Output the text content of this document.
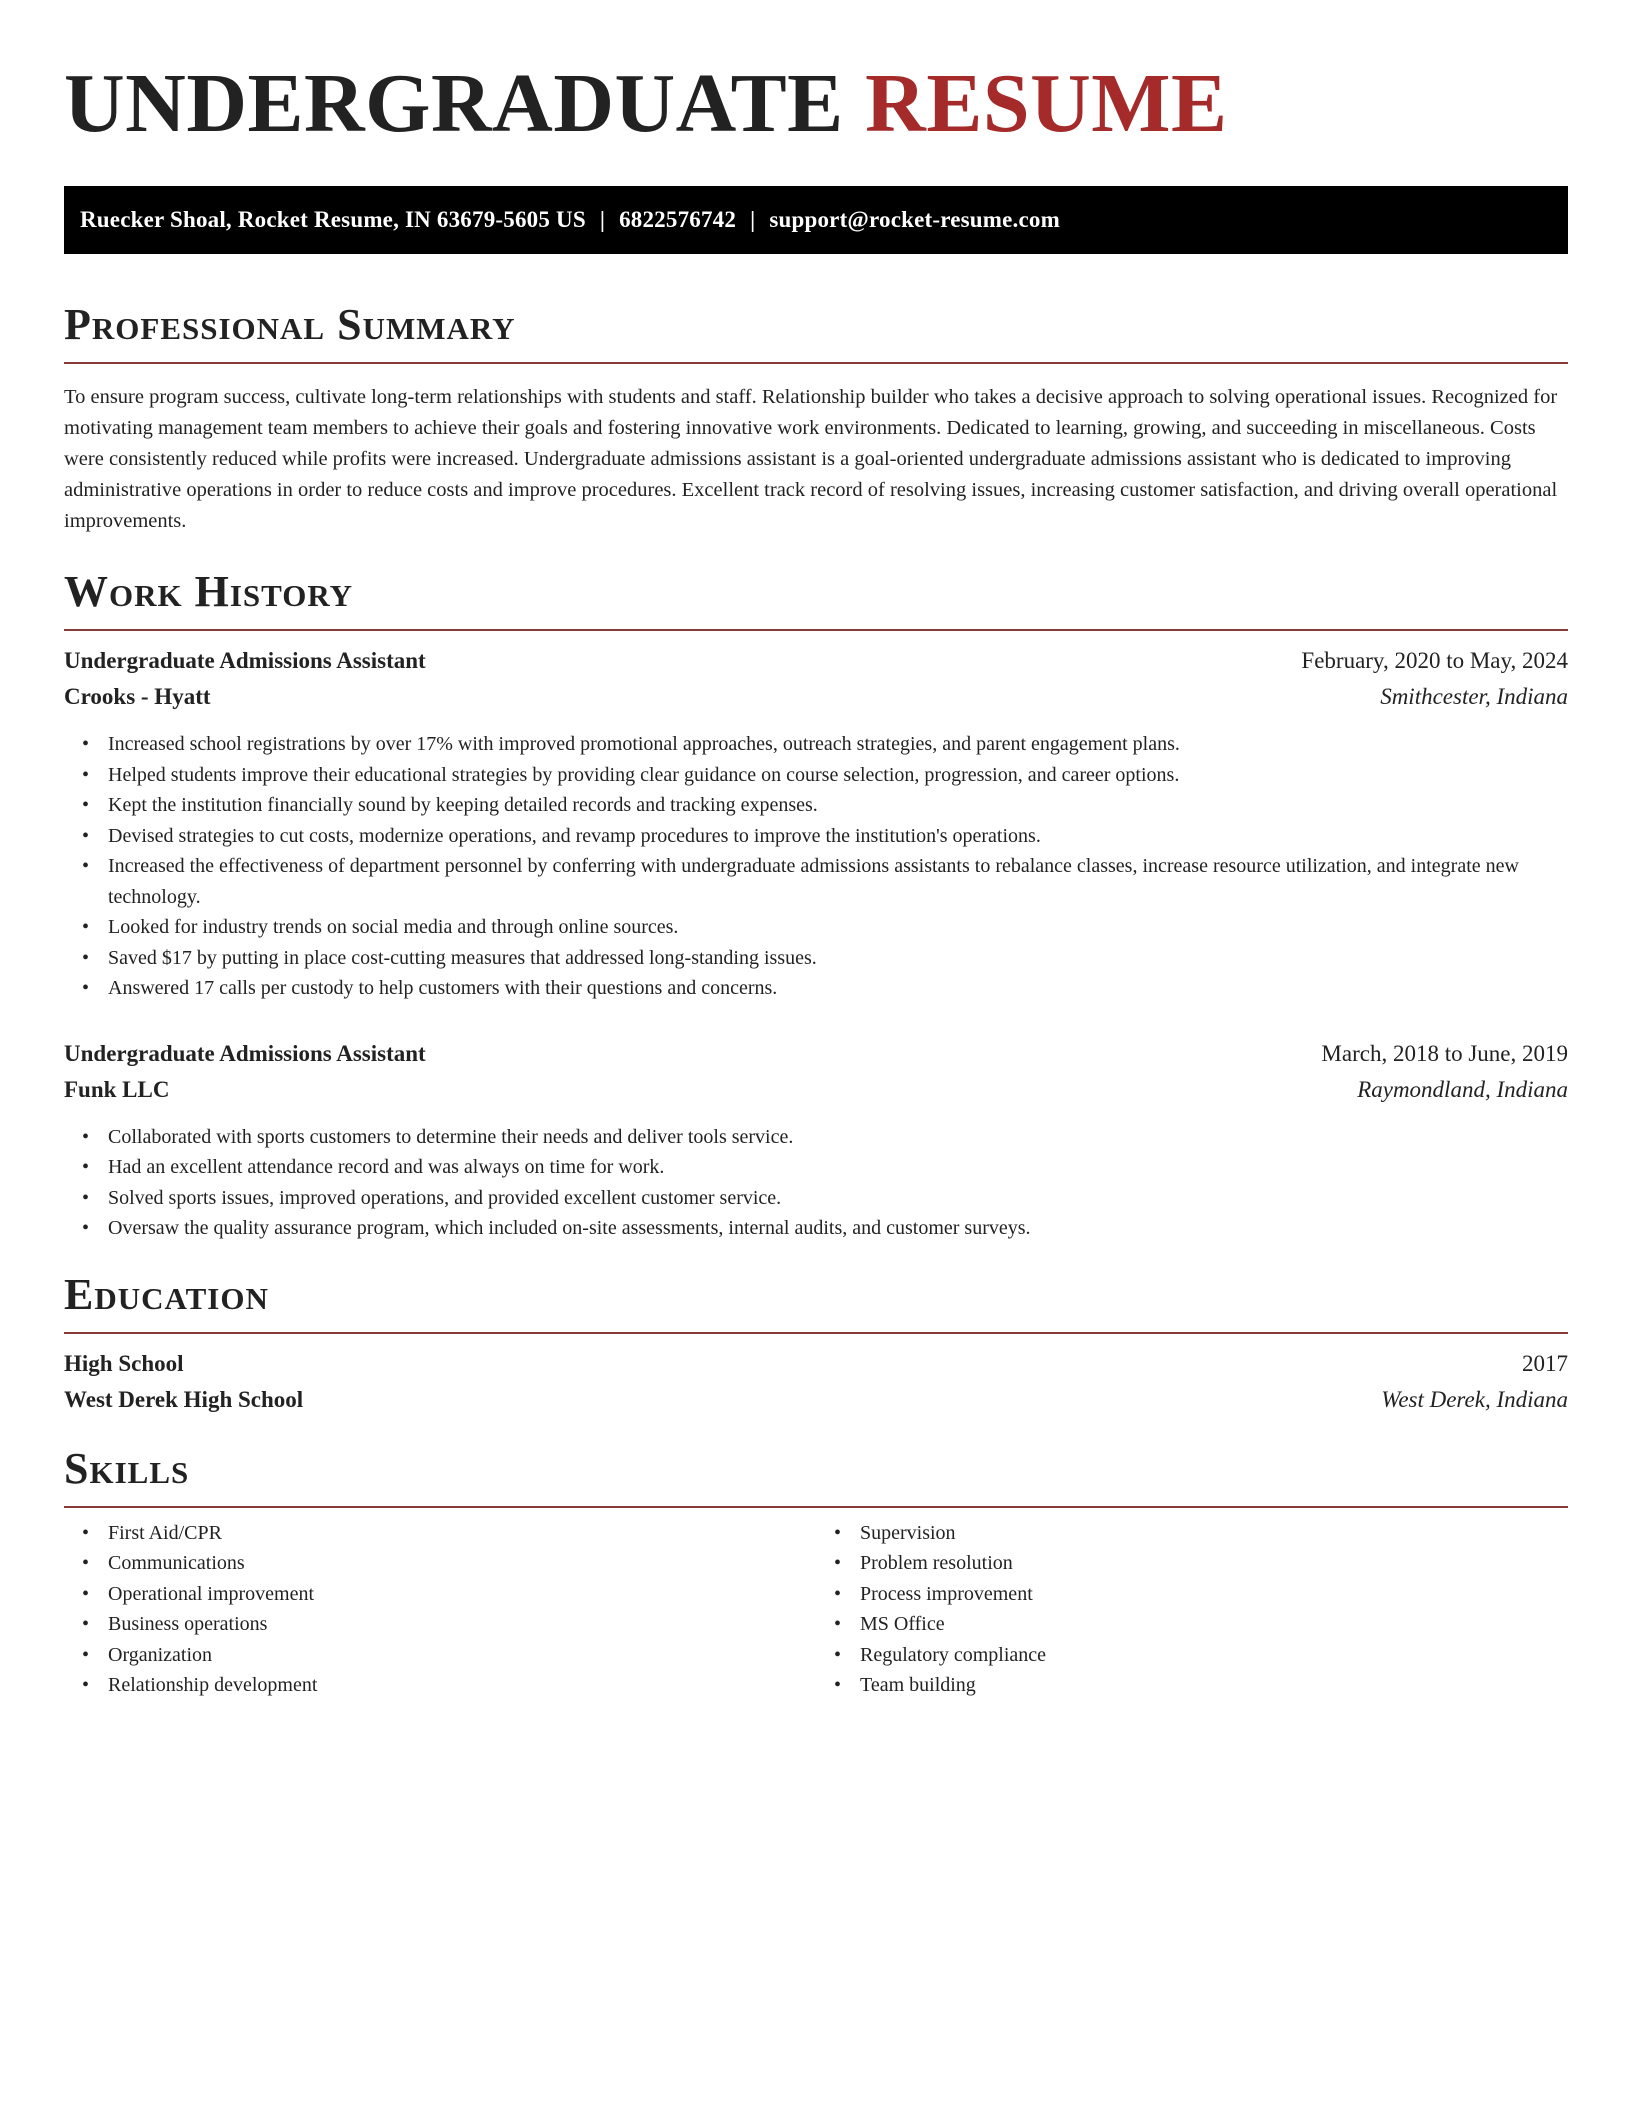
UNDERGRADUATE RESUME
Ruecker Shoal, Rocket Resume, IN 63679-5605 US | 6822576742 | support@rocket-resume.com
Professional Summary

To ensure program success, cultivate long-term relationships with students and staff. Relationship builder who takes a decisive approach to solving operational issues. Recognized for motivating management team members to achieve their goals and fostering innovative work environments. Dedicated to learning, growing, and succeeding in miscellaneous. Costs were consistently reduced while profits were increased. Undergraduate admissions assistant is a goal-oriented undergraduate admissions assistant who is dedicated to improving administrative operations in order to reduce costs and improve procedures. Excellent track record of resolving issues, increasing customer satisfaction, and driving overall operational improvements.

Work History
Undergraduate Admissions Assistant	February, 2020 to May, 2024
Crooks - Hyatt	Smithcester, Indiana
• Increased school registrations by over 17% with improved promotional approaches, outreach strategies, and parent engagement plans.
• Helped students improve their educational strategies by providing clear guidance on course selection, progression, and career options.
• Kept the institution financially sound by keeping detailed records and tracking expenses.
• Devised strategies to cut costs, modernize operations, and revamp procedures to improve the institution's operations.
• Increased the effectiveness of department personnel by conferring with undergraduate admissions assistants to rebalance classes, increase resource utilization, and integrate new technology.
• Looked for industry trends on social media and through online sources.
• Saved $17 by putting in place cost-cutting measures that addressed long-standing issues.
• Answered 17 calls per custody to help customers with their questions and concerns.
Undergraduate Admissions Assistant	March, 2018 to June, 2019
Funk LLC	Raymondland, Indiana
• Collaborated with sports customers to determine their needs and deliver tools service.
• Had an excellent attendance record and was always on time for work.
• Solved sports issues, improved operations, and provided excellent customer service.
• Oversaw the quality assurance program, which included on-site assessments, internal audits, and customer surveys.
Education
High School	2017
West Derek High School	West Derek, Indiana
Skills
• First Aid/CPR
• Communications
• Operational improvement
• Business operations
• Organization
• Relationship development
• Supervision
• Problem resolution
• Process improvement
• MS Office
• Regulatory compliance
• Team building
